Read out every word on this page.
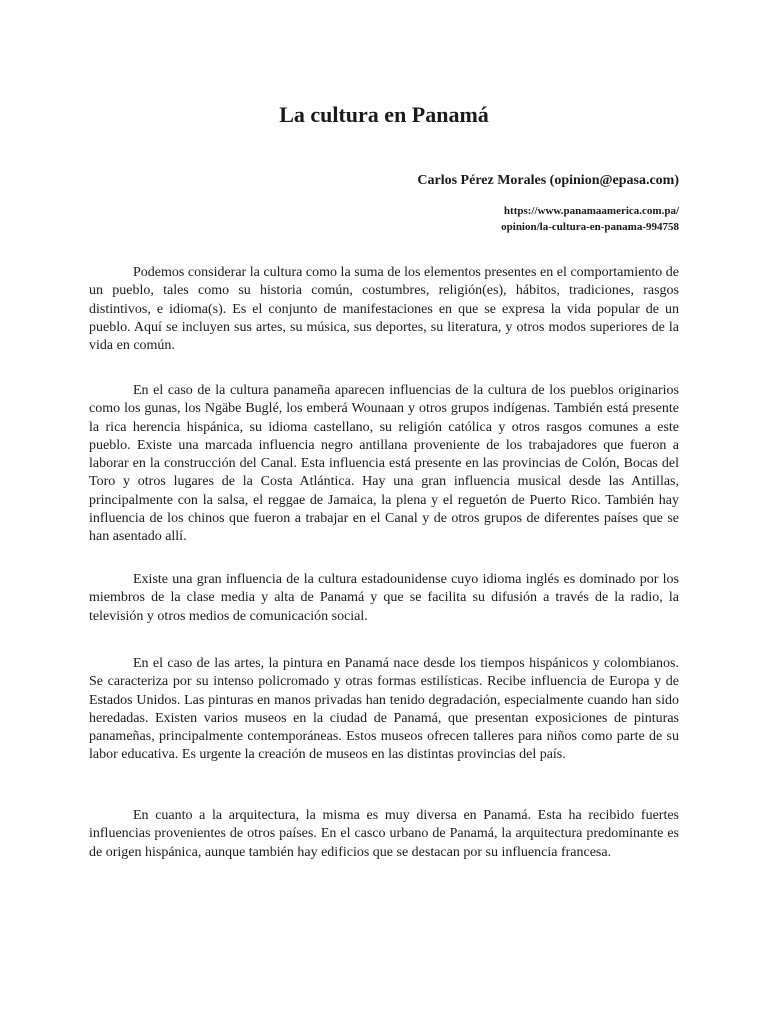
La cultura en Panamá

Carlos Pérez Morales (opinion@epasa.com)

https://www.panamaamerica.com.pa/
opinion/la-cultura-en-panama-994758

Podemos considerar la cultura como la suma de los elementos presentes en el comportamiento de un pueblo, tales como su historia común, costumbres, religión(es), hábitos, tradiciones, rasgos distintivos, e idioma(s). Es el conjunto de manifestaciones en que se expresa la vida popular de un pueblo. Aquí se incluyen sus artes, su música, sus deportes, su literatura, y otros modos superiores de la vida en común.

En el caso de la cultura panameña aparecen influencias de la cultura de los pueblos originarios como los gunas, los Ngäbe Buglé, los emberá Wounaan y otros grupos indígenas. También está presente la rica herencia hispánica, su idioma castellano, su religión católica y otros rasgos comunes a este pueblo. Existe una marcada influencia negro antillana proveniente de los trabajadores que fueron a laborar en la construcción del Canal. Esta influencia está presente en las provincias de Colón, Bocas del Toro y otros lugares de la Costa Atlántica. Hay una gran influencia musical desde las Antillas, principalmente con la salsa, el reggae de Jamaica, la plena y el reguetón de Puerto Rico. También hay influencia de los chinos que fueron a trabajar en el Canal y de otros grupos de diferentes países que se han asentado allí.

Existe una gran influencia de la cultura estadounidense cuyo idioma inglés es dominado por los miembros de la clase media y alta de Panamá y que se facilita su difusión a través de la radio, la televisión y otros medios de comunicación social.

En el caso de las artes, la pintura en Panamá nace desde los tiempos hispánicos y colombianos. Se caracteriza por su intenso policromado y otras formas estilísticas. Recibe influencia de Europa y de Estados Unidos. Las pinturas en manos privadas han tenido degradación, especialmente cuando han sido heredadas. Existen varios museos en la ciudad de Panamá, que presentan exposiciones de pinturas panameñas, principalmente contemporáneas. Estos museos ofrecen talleres para niños como parte de su labor educativa. Es urgente la creación de museos en las distintas provincias del país.

En cuanto a la arquitectura, la misma es muy diversa en Panamá. Esta ha recibido fuertes influencias provenientes de otros países. En el casco urbano de Panamá, la arquitectura predominante es de origen hispánica, aunque también hay edificios que se destacan por su influencia francesa.
